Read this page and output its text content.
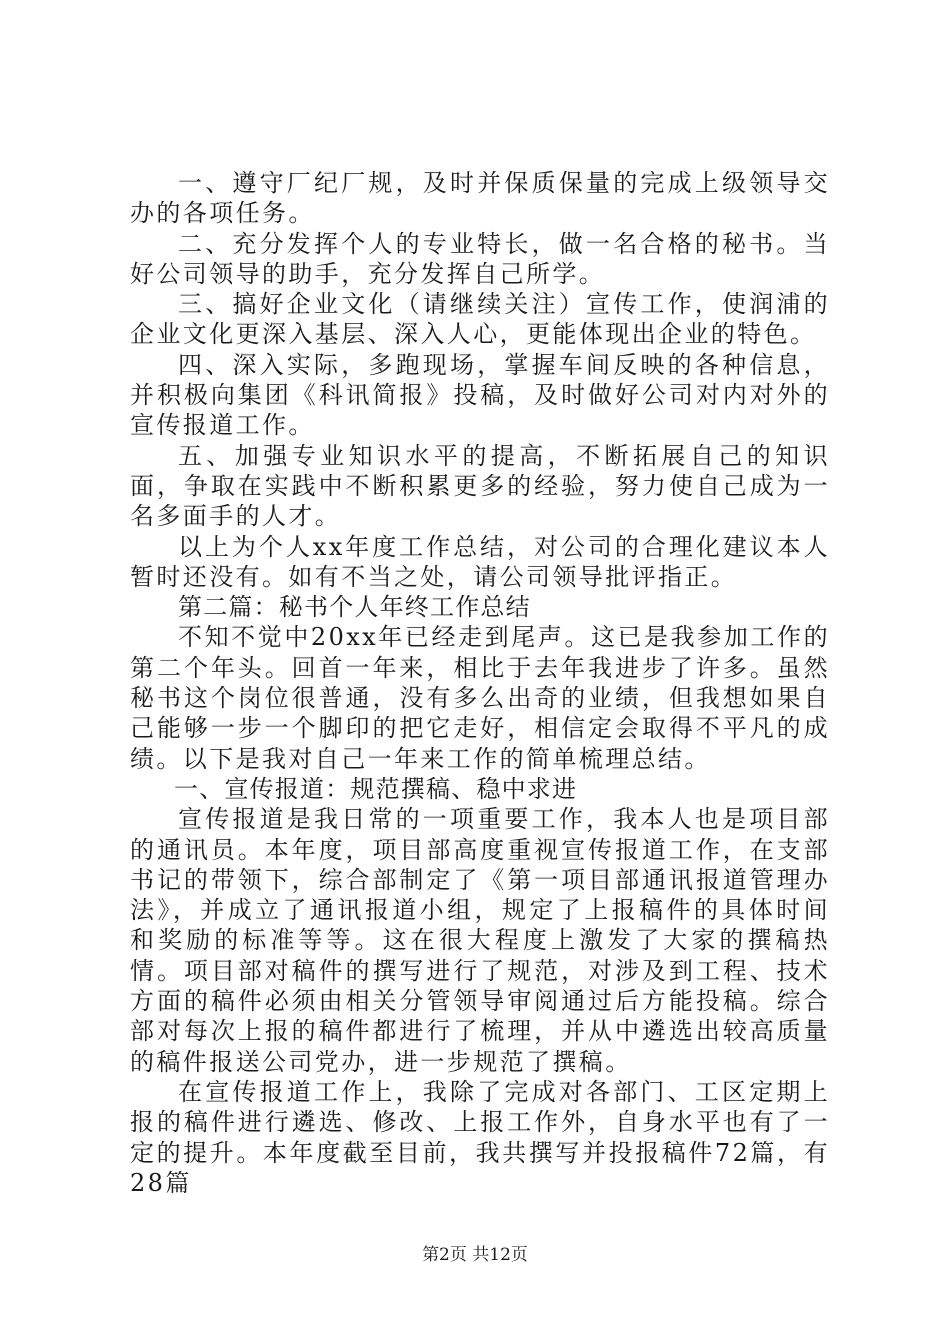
一、遵守厂纪厂规，及时并保质保量的完成上级领导交办的各项任务。

二、充分发挥个人的专业特长，做一名合格的秘书。当好公司领导的助手，充分发挥自己所学。

三、搞好企业文化（请继续关注）宣传工作，使润浦的企业文化更深入基层、深入人心，更能体现出企业的特色。

四、深入实际，多跑现场，掌握车间反映的各种信息，并积极向集团《科讯简报》投稿，及时做好公司对内对外的宣传报道工作。

五、加强专业知识水平的提高，不断拓展自己的知识面，争取在实践中不断积累更多的经验，努力使自己成为一名多面手的人才。

以上为个人xx年度工作总结，对公司的合理化建议本人暂时还没有。如有不当之处，请公司领导批评指正。

第二篇：秘书个人年终工作总结

不知不觉中20xx年已经走到尾声。这已是我参加工作的第二个年头。回首一年来，相比于去年我进步了许多。虽然秘书这个岗位很普通，没有多么出奇的业绩，但我想如果自己能够一步一个脚印的把它走好，相信定会取得不平凡的成绩。以下是我对自己一年来工作的简单梳理总结。

一、宣传报道：规范撰稿、稳中求进

宣传报道是我日常的一项重要工作，我本人也是项目部的通讯员。本年度，项目部高度重视宣传报道工作，在支部书记的带领下，综合部制定了《第一项目部通讯报道管理办法》，并成立了通讯报道小组，规定了上报稿件的具体时间和奖励的标准等等。这在很大程度上激发了大家的撰稿热情。项目部对稿件的撰写进行了规范，对涉及到工程、技术方面的稿件必须由相关分管领导审阅通过后方能投稿。综合部对每次上报的稿件都进行了梳理，并从中遴选出较高质量的稿件报送公司党办，进一步规范了撰稿。

在宣传报道工作上，我除了完成对各部门、工区定期上报的稿件进行遴选、修改、上报工作外，自身水平也有了一定的提升。本年度截至目前，我共撰写并投报稿件72篇，有28篇

第2页 共12页
